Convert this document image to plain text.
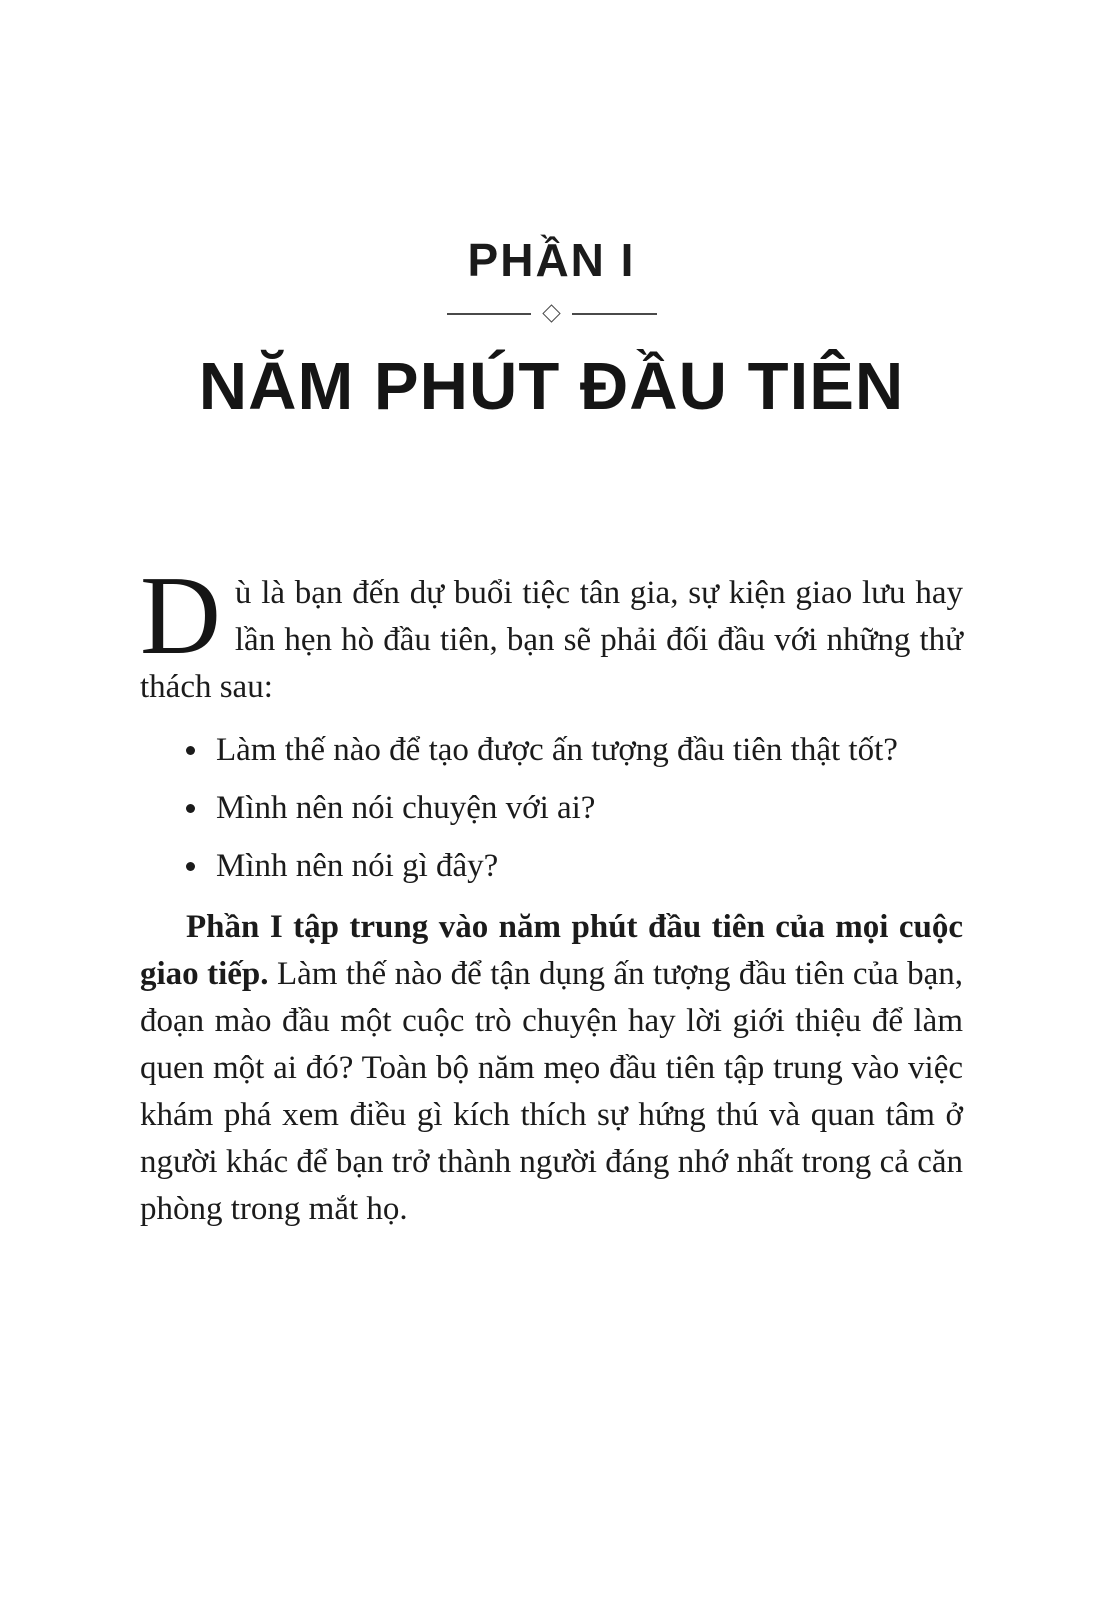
PHẦN I
NĂM PHÚT ĐẦU TIÊN

Dù là bạn đến dự buổi tiệc tân gia, sự kiện giao lưu hay lần hẹn hò đầu tiên, bạn sẽ phải đối đầu với những thử thách sau:

Làm thế nào để tạo được ấn tượng đầu tiên thật tốt?
Mình nên nói chuyện với ai?
Mình nên nói gì đây?

Phần I tập trung vào năm phút đầu tiên của mọi cuộc giao tiếp. Làm thế nào để tận dụng ấn tượng đầu tiên của bạn, đoạn mào đầu một cuộc trò chuyện hay lời giới thiệu để làm quen một ai đó? Toàn bộ năm mẹo đầu tiên tập trung vào việc khám phá xem điều gì kích thích sự hứng thú và quan tâm ở người khác để bạn trở thành người đáng nhớ nhất trong cả căn phòng trong mắt họ.
